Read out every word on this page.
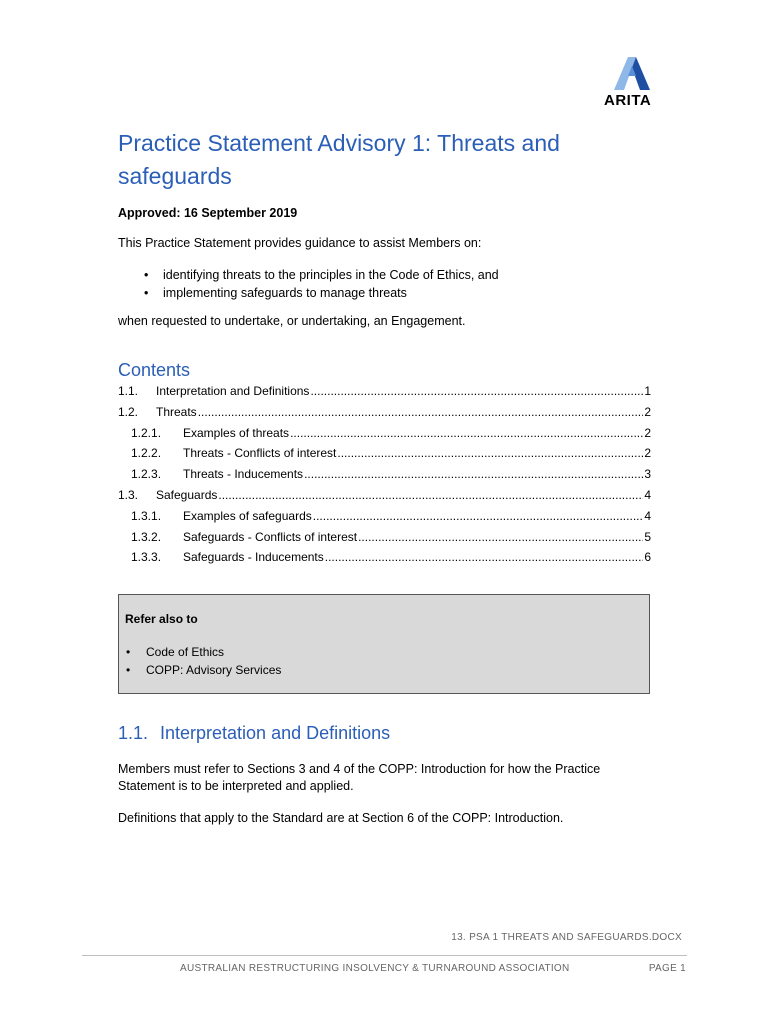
ARITA
Practice Statement Advisory 1: Threats and safeguards
Approved: 16 September 2019
This Practice Statement provides guidance to assist Members on:
• identifying threats to the principles in the Code of Ethics, and
• implementing safeguards to manage threats
when requested to undertake, or undertaking, an Engagement.
Contents
1.1.	Interpretation and Definitions .....	1
1.2.	Threats .....	2
1.2.1.	Examples of threats .....	2
1.2.2.	Threats - Conflicts of interest .....	2
1.2.3.	Threats - Inducements .....	3
1.3.	Safeguards .....	4
1.3.1.	Examples of safeguards .....	4
1.3.2.	Safeguards - Conflicts of interest .....	5
1.3.3.	Safeguards - Inducements .....	6
Refer also to
• Code of Ethics
• COPP: Advisory Services
1.1. Interpretation and Definitions

Members must refer to Sections 3 and 4 of the COPP: Introduction for how the Practice Statement is to be interpreted and applied.

Definitions that apply to the Standard are at Section 6 of the COPP: Introduction.

13. PSA 1 THREATS AND SAFEGUARDS.DOCX
AUSTRALIAN RESTRUCTURING INSOLVENCY & TURNAROUND ASSOCIATION	PAGE 1
